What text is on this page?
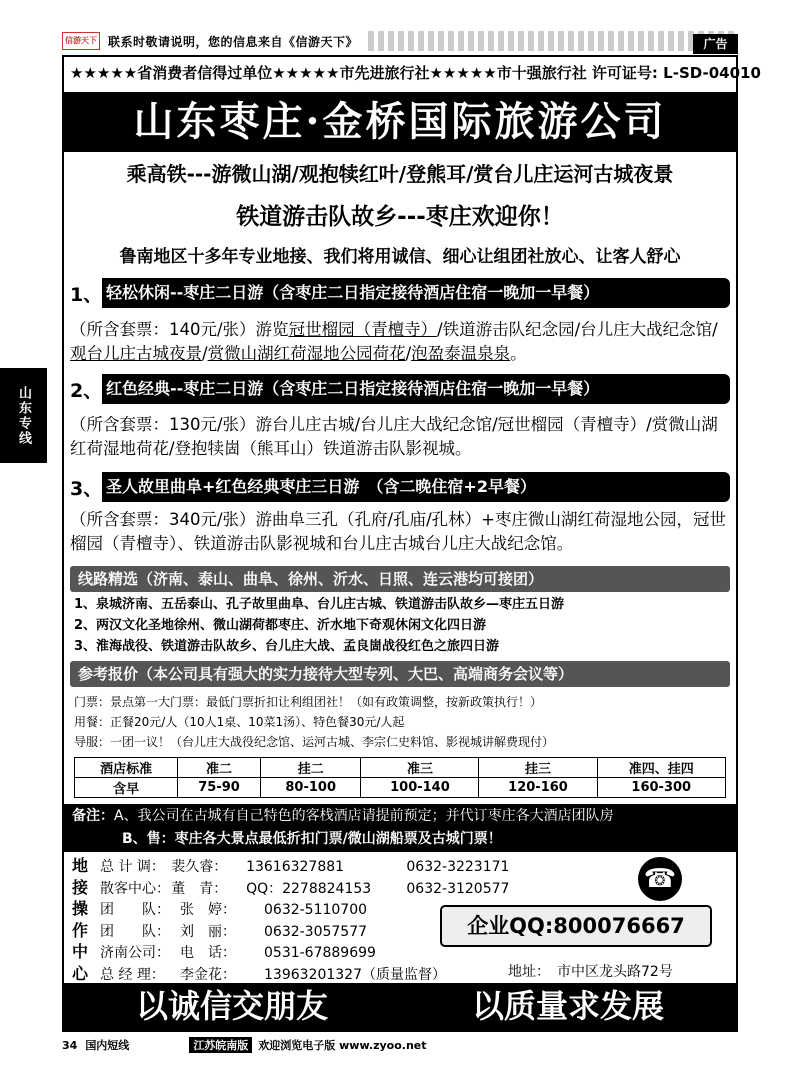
信游天下 联系时敬请说明，您的信息来自《信游天下》	广告
山东专线
★★★★★省消费者信得过单位★★★★★市先进旅行社★★★★★市十强旅行社 许可证号: L-SD-04010
山东枣庄·金桥国际旅游公司
乘高铁---游微山湖/观抱犊红叶/登熊耳/赏台儿庄运河古城夜景
铁道游击队故乡---枣庄欢迎你！
鲁南地区十多年专业地接、我们将用诚信、细心让组团社放心、让客人舒心
1、 轻松休闲--枣庄二日游（含枣庄二日指定接待酒店住宿一晚加一早餐）
（所含套票：140元/张）游览冠世榴园（青檀寺）/铁道游击队纪念园/台儿庄大战纪念馆/观台儿庄古城夜景/赏微山湖红荷湿地公园荷花/泡盈泰温泉泉。
2、 红色经典--枣庄二日游（含枣庄二日指定接待酒店住宿一晚加一早餐）
（所含套票：130元/张）游台儿庄古城/台儿庄大战纪念馆/冠世榴园（青檀寺）/赏微山湖红荷湿地荷花/登抱犊崮（熊耳山）铁道游击队影视城。
3、 圣人故里曲阜+红色经典枣庄三日游　（含二晚住宿+2早餐）
（所含套票：340元/张）游曲阜三孔（孔府/孔庙/孔林）+枣庄微山湖红荷湿地公园，冠世榴园（青檀寺）、铁道游击队影视城和台儿庄古城台儿庄大战纪念馆。
线路精选（济南、泰山、曲阜、徐州、沂水、日照、连云港均可接团）
1、泉城济南、五岳泰山、孔子故里曲阜、台儿庄古城、铁道游击队故乡—枣庄五日游
2、两汉文化圣地徐州、微山湖荷都枣庄、沂水地下奇观休闲文化四日游
3、淮海战役、铁道游击队故乡、台儿庄大战、孟良崮战役红色之旅四日游
参考报价（本公司具有强大的实力接待大型专列、大巴、高端商务会议等）
门票：景点第一大门票：最低门票折扣让利组团社！（如有政策调整，按新政策执行！）
用餐：正餐20元/人（10人1桌、10菜1汤）、特色餐30元/人起
导服：一团一议！（台儿庄大战役纪念馆、运河古城、李宗仁史料馆、影视城讲解费现付）
酒店标准	准二	挂二	准三	挂三	准四、挂四
含早	75-90	80-100	100-140	120-160	160-300
备注：A、我公司在古城有自己特色的客栈酒店请提前预定；并代订枣庄各大酒店团队房
B、售：枣庄各大景点最低折扣门票/微山湖船票及古城门票！
地
接
操
作
中
心
总 计 调： 裴久睿：	13616327881	0632-3223171
散客中心： 董　青：	QQ：2278824153	0632-3120577
团　　队： 张　婷：	0632-5110700
团　　队： 刘　丽：	0632-3057577
济南公司： 电　话：	0531-67889699
总 经 理：	李金花：	13963201327（质量监督）
☎
企业QQ:800076667
地址：　市中区龙头路72号
以诚信交朋友	以质量求发展
34 国内短线	江苏皖南版 欢迎浏览电子版 www.zyoo.net
